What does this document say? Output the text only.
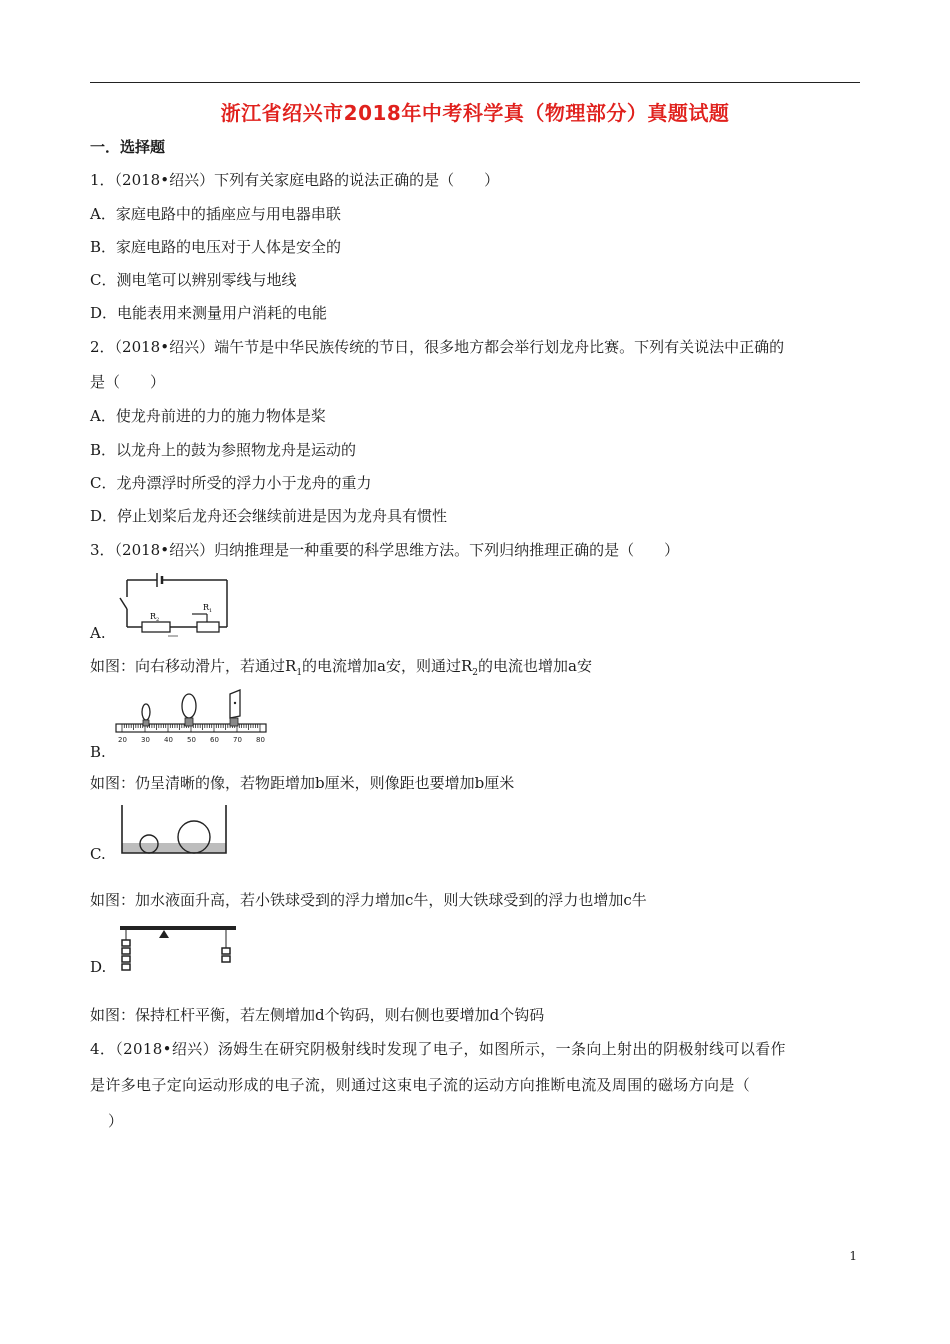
浙江省绍兴市2018年中考科学真（物理部分）真题试题
一．选择题
1．（2018•绍兴）下列有关家庭电路的说法正确的是（　　）
A．家庭电路中的插座应与用电器串联
B．家庭电路的电压对于人体是安全的
C．测电笔可以辨别零线与地线
D．电能表用来测量用户消耗的电能
2．（2018•绍兴）端午节是中华民族传统的节日，很多地方都会举行划龙舟比赛。下列有关说法中正确的
是（　　）
A．使龙舟前进的力的施力物体是桨
B．以龙舟上的鼓为参照物龙舟是运动的
C．龙舟漂浮时所受的浮力小于龙舟的重力
D．停止划桨后龙舟还会继续前进是因为龙舟具有惯性
3．（2018•绍兴）归纳推理是一种重要的科学思维方法。下列归纳推理正确的是（　　）
R 2
R 1
A.
如图：向右移动滑片，若通过$R_1$的电流增加a安，则通过$R_2$的电流也增加a安
20 30 40 50 60 70 80
B.
如图：仍呈清晰的像，若物距增加b厘米，则像距也要增加b厘米
C.
如图：加水液面升高，若小铁球受到的浮力增加c牛，则大铁球受到的浮力也增加c牛
D.
如图：保持杠杆平衡，若左侧增加d个钩码，则右侧也要增加d个钩码
4．（2018•绍兴）汤姆生在研究阴极射线时发现了电子，如图所示，一条向上射出的阴极射线可以看作
是许多电子定向运动形成的电子流，则通过这束电子流的运动方向推断电流及周围的磁场方向是（
）
1
